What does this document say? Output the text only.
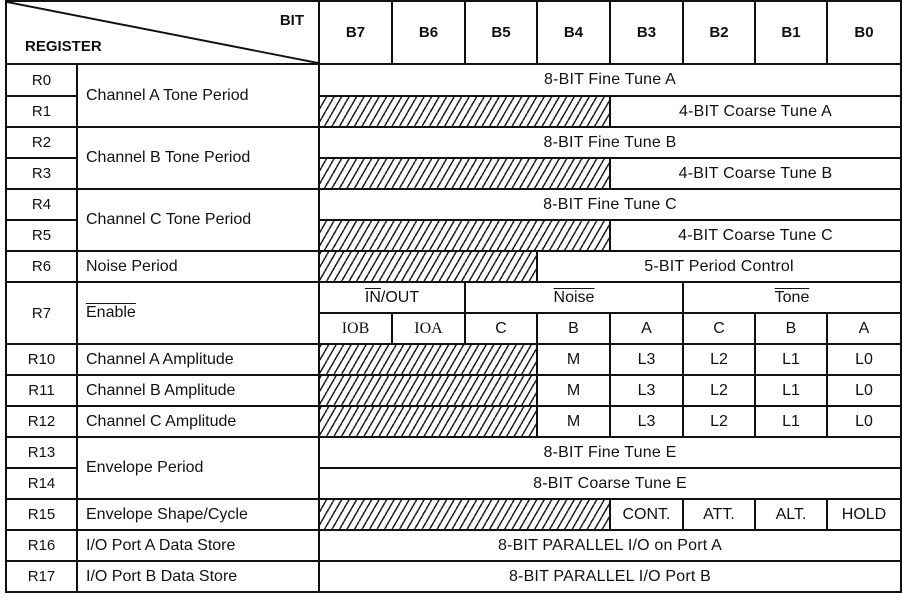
BIT
REGISTER		B7	B6	B5	B4	B3	B2	B1	B0
R0	Channel A Tone Period	8-BIT Fine Tune A							
R1						4-BIT Coarse Tune A			
R2	Channel B Tone Period	8-BIT Fine Tune B							
R3						4-BIT Coarse Tune B			
R4	Channel C Tone Period	8-BIT Fine Tune C							
R5						4-BIT Coarse Tune C			
R6	Noise Period				5-BIT Period Control				
R7	Enable	$\overline{IN}$/OUT		Noise			Tone		
		IOB	IOA	C	B	A	C	B	A
R10	Channel A Amplitude				M	L3	L2	L1	L0
R11	Channel B Amplitude				M	L3	L2	L1	L0
R12	Channel C Amplitude				M	L3	L2	L1	L0
R13	Envelope Period	8-BIT Fine Tune E							
R14		8-BIT Coarse Tune E							
R15	Envelope Shape/Cycle					CONT.	ATT.	ALT.	HOLD
R16	I/O Port A Data Store	8-BIT PARALLEL I/O on Port A							
R17	I/O Port B Data Store	8-BIT PARALLEL I/O Port B							
